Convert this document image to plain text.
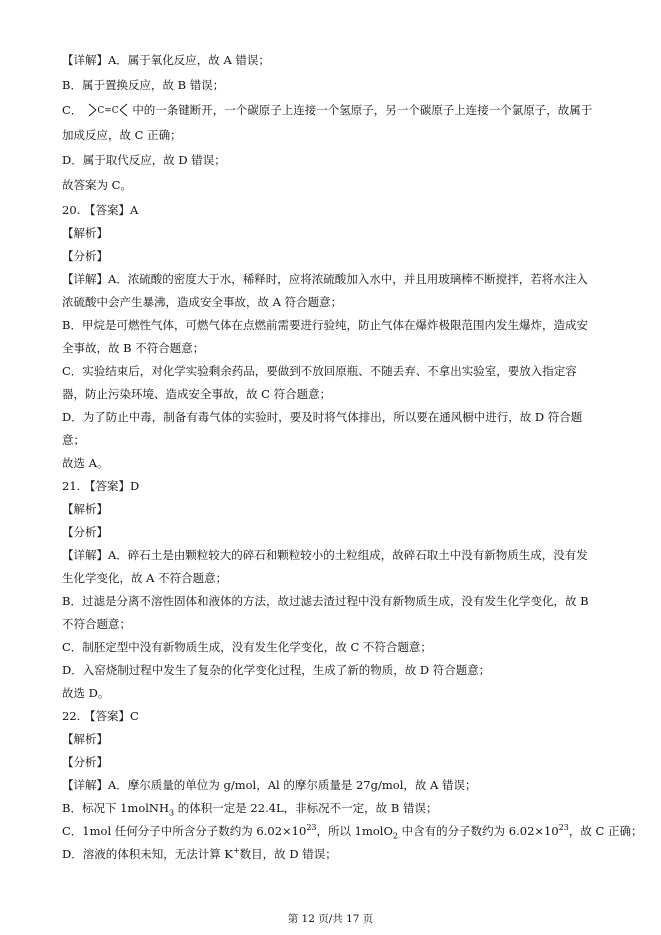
【详解】A．属于氧化反应，故 A 错误；
B．属于置换反应，故 B 错误；
C． C=C 中的一条键断开，一个碳原子上连接一个氢原子，另一个碳原子上连接一个氯原子，故属于
加成反应，故 C 正确；
D．属于取代反应，故 D 错误；
故答案为 C。
20. 【答案】A
【解析】
【分析】
【详解】A．浓硫酸的密度大于水，稀释时，应将浓硫酸加入水中，并且用玻璃棒不断搅拌，若将水注入
浓硫酸中会产生暴沸，造成安全事故，故 A 符合题意；
B．甲烷是可燃性气体，可燃气体在点燃前需要进行验纯，防止气体在爆炸极限范围内发生爆炸，造成安
全事故，故 B 不符合题意；
C．实验结束后，对化学实验剩余药品，要做到不放回原瓶、不随丢弃、不拿出实验室，要放入指定容
器，防止污染环境、造成安全事故，故 C 符合题意；
D．为了防止中毒，制备有毒气体的实验时，要及时将气体排出，所以要在通风橱中进行，故 D 符合题
意；
故选 A。
21. 【答案】D
【解析】
【分析】
【详解】A．碎石土是由颗粒较大的碎石和颗粒较小的土粒组成，故碎石取土中没有新物质生成，没有发
生化学变化，故 A 不符合题意；
B．过滤是分离不溶性固体和液体的方法，故过滤去渣过程中没有新物质生成，没有发生化学变化，故 B
不符合题意；
C．制胚定型中没有新物质生成，没有发生化学变化，故 C 不符合题意；
D．入窑烧制过程中发生了复杂的化学变化过程，生成了新的物质，故 D 符合题意；
故选 D。
22. 【答案】C
【解析】
【分析】
【详解】A．摩尔质量的单位为 g/mol，Al 的摩尔质量是 27g/mol，故 A 错误；
B．标况下 1molNH$_3$ 的体积一定是 22.4L，非标况不一定，故 B 错误；
C．1mol 任何分子中所含分子数约为 $6.02\times 10^{23}$，所以 1molO$_2$ 中含有的分子数约为 $6.02\times 10^{23}$，故 C 正确；
D．溶液的体积未知，无法计算 K+数目，故 D 错误；
第 12 页/共 17 页
